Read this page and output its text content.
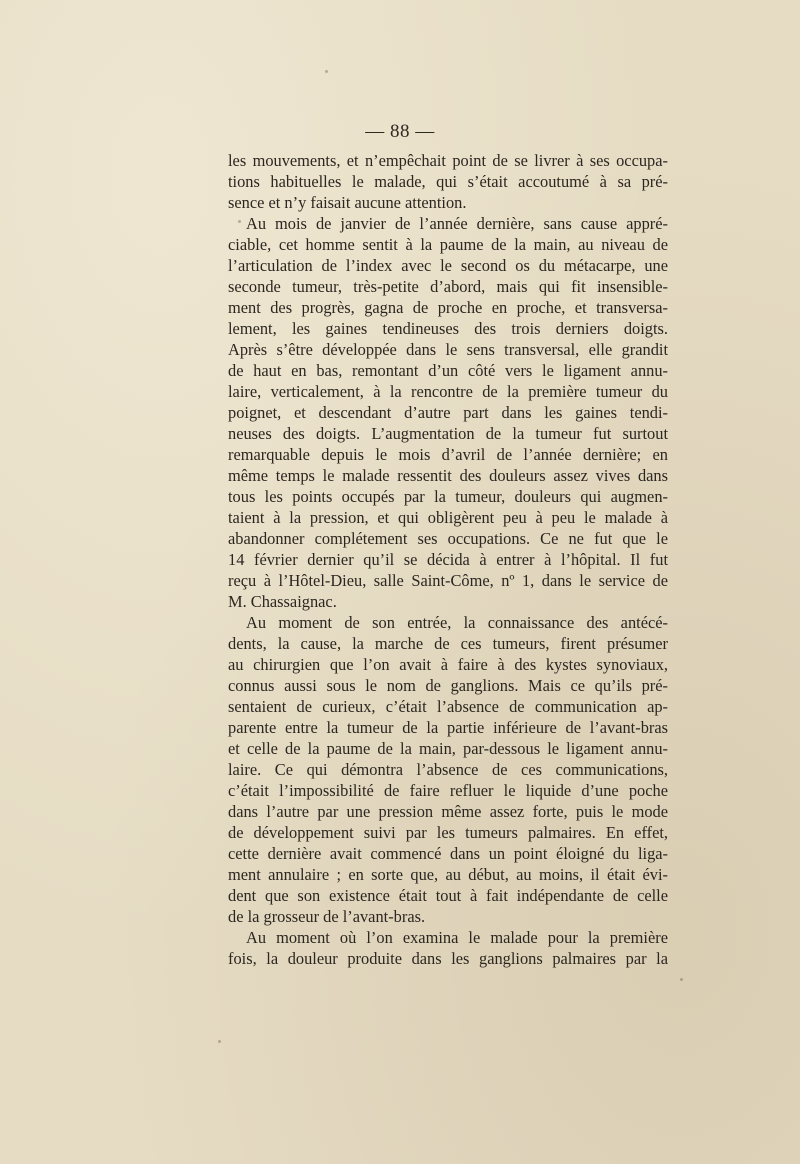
— 88 —
les mouvements, et n’empêchait point de se livrer à ses occupa-
tions habituelles le malade, qui s’était accoutumé à sa pré-
sence et n’y faisait aucune attention.
Au mois de janvier de l’année dernière, sans cause appré-
ciable, cet homme sentit à la paume de la main, au niveau de
l’articulation de l’index avec le second os du métacarpe, une
seconde tumeur, très-petite d’abord, mais qui fit insensible-
ment des progrès, gagna de proche en proche, et transversa-
lement, les gaines tendineuses des trois derniers doigts.
Après s’être développée dans le sens transversal, elle grandit
de haut en bas, remontant d’un côté vers le ligament annu-
laire, verticalement, à la rencontre de la première tumeur du
poignet, et descendant d’autre part dans les gaines tendi-
neuses des doigts. L’augmentation de la tumeur fut surtout
remarquable depuis le mois d’avril de l’année dernière; en
même temps le malade ressentit des douleurs assez vives dans
tous les points occupés par la tumeur, douleurs qui augmen-
taient à la pression, et qui obligèrent peu à peu le malade à
abandonner complétement ses occupations. Ce ne fut que le
14 février dernier qu’il se décida à entrer à l’hôpital. Il fut
reçu à l’Hôtel-Dieu, salle Saint-Côme, nº 1, dans le service de
M. Chassaignac.
Au moment de son entrée, la connaissance des antécé-
dents, la cause, la marche de ces tumeurs, firent présumer
au chirurgien que l’on avait à faire à des kystes synoviaux,
connus aussi sous le nom de ganglions. Mais ce qu’ils pré-
sentaient de curieux, c’était l’absence de communication ap-
parente entre la tumeur de la partie inférieure de l’avant-bras
et celle de la paume de la main, par-dessous le ligament annu-
laire. Ce qui démontra l’absence de ces communications,
c’était l’impossibilité de faire refluer le liquide d’une poche
dans l’autre par une pression même assez forte, puis le mode
de développement suivi par les tumeurs palmaires. En effet,
cette dernière avait commencé dans un point éloigné du liga-
ment annulaire ; en sorte que, au début, au moins, il était évi-
dent que son existence était tout à fait indépendante de celle
de la grosseur de l’avant-bras.
Au moment où l’on examina le malade pour la première
fois, la douleur produite dans les ganglions palmaires par la
